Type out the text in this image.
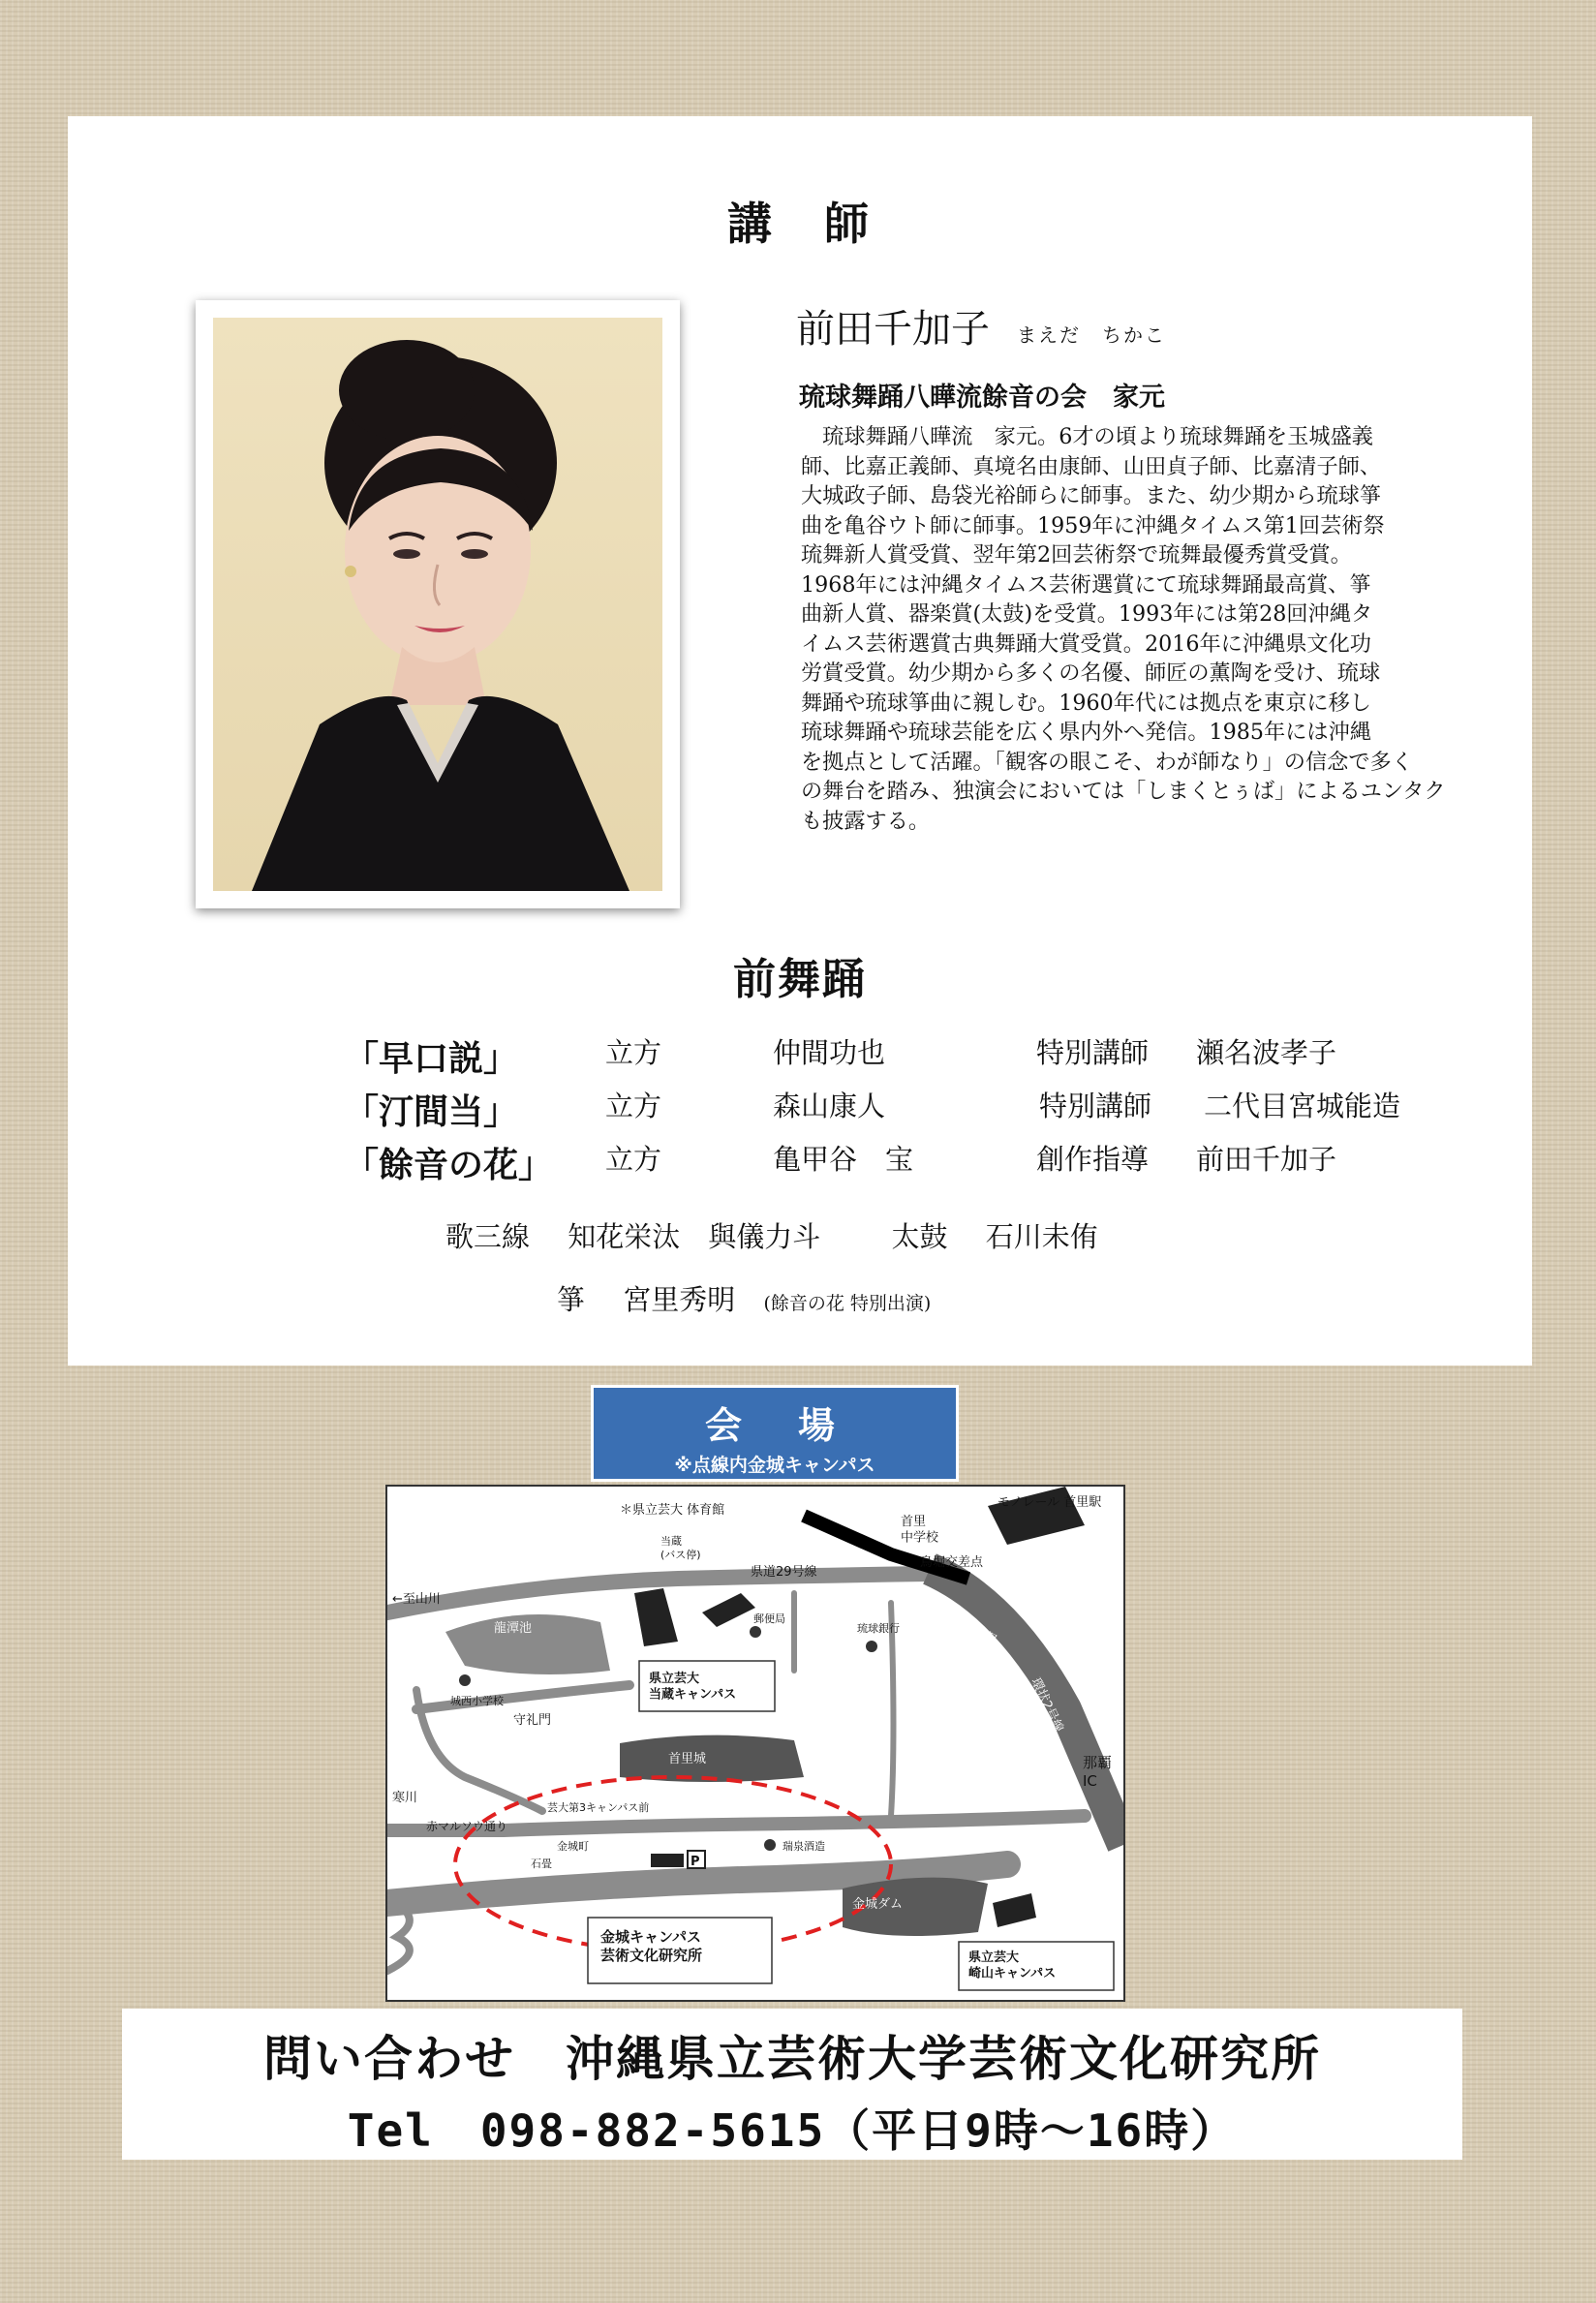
講　師
前田千加子 まえだ　ちかこ
琉球舞踊八曄流餘音の会　家元
　琉球舞踊八曄流　家元。6才の頃より琉球舞踊を玉城盛義
師、比嘉正義師、真境名由康師、山田貞子師、比嘉清子師、
大城政子師、島袋光裕師らに師事。また、幼少期から琉球箏
曲を亀谷ウト師に師事。1959年に沖縄タイムス第1回芸術祭
琉舞新人賞受賞、翌年第2回芸術祭で琉舞最優秀賞受賞。
1968年には沖縄タイムス芸術選賞にて琉球舞踊最高賞、箏
曲新人賞、器楽賞(太鼓)を受賞。1993年には第28回沖縄タ
イムス芸術選賞古典舞踊大賞受賞。2016年に沖縄県文化功
労賞受賞。幼少期から多くの名優、師匠の薫陶を受け、琉球
舞踊や琉球箏曲に親しむ。1960年代には拠点を東京に移し
琉球舞踊や琉球芸能を広く県内外へ発信。1985年には沖縄
を拠点として活躍。「観客の眼こそ、わが師なり」の信念で多く
の舞台を踏み、独演会においては「しまくとぅば」によるユンタク
も披露する。
前舞踊
「早口説」	立方	仲間功也	特別講師 瀬名波孝子
「汀間当」	立方	森山康人	特別講師 二代目宮城能造
「餘音の花」 立方	亀甲谷　宝	創作指導 前田千加子
歌三線 知花栄汰　與儀力斗	太鼓 石川未侑
箏 宮里秀明 (餘音の花 特別出演)
会　場
※点線内金城キャンパス
＊県立芸大 体育館
モノレール 首里駅
首里中学校
鳥堀交差点
当蔵(バス停)
県道29号線
←至山川
龍潭池
郵便局
琉球銀行	←至儀保
環状2号線
県立芸大当蔵キャンパス
城西小学校
守礼門
首里城	那覇 IC
至与那原→
寒川
赤マルソウ通り
芸大第3キャンパス前
瑞泉酒造
金城町
石畳
金城キャンパス芸術文化研究所
金城ダム
県立芸大崎山キャンパス
P
問い合わせ　沖縄県立芸術大学芸術文化研究所
Tel　098-882-5615（平日9時～16時）
